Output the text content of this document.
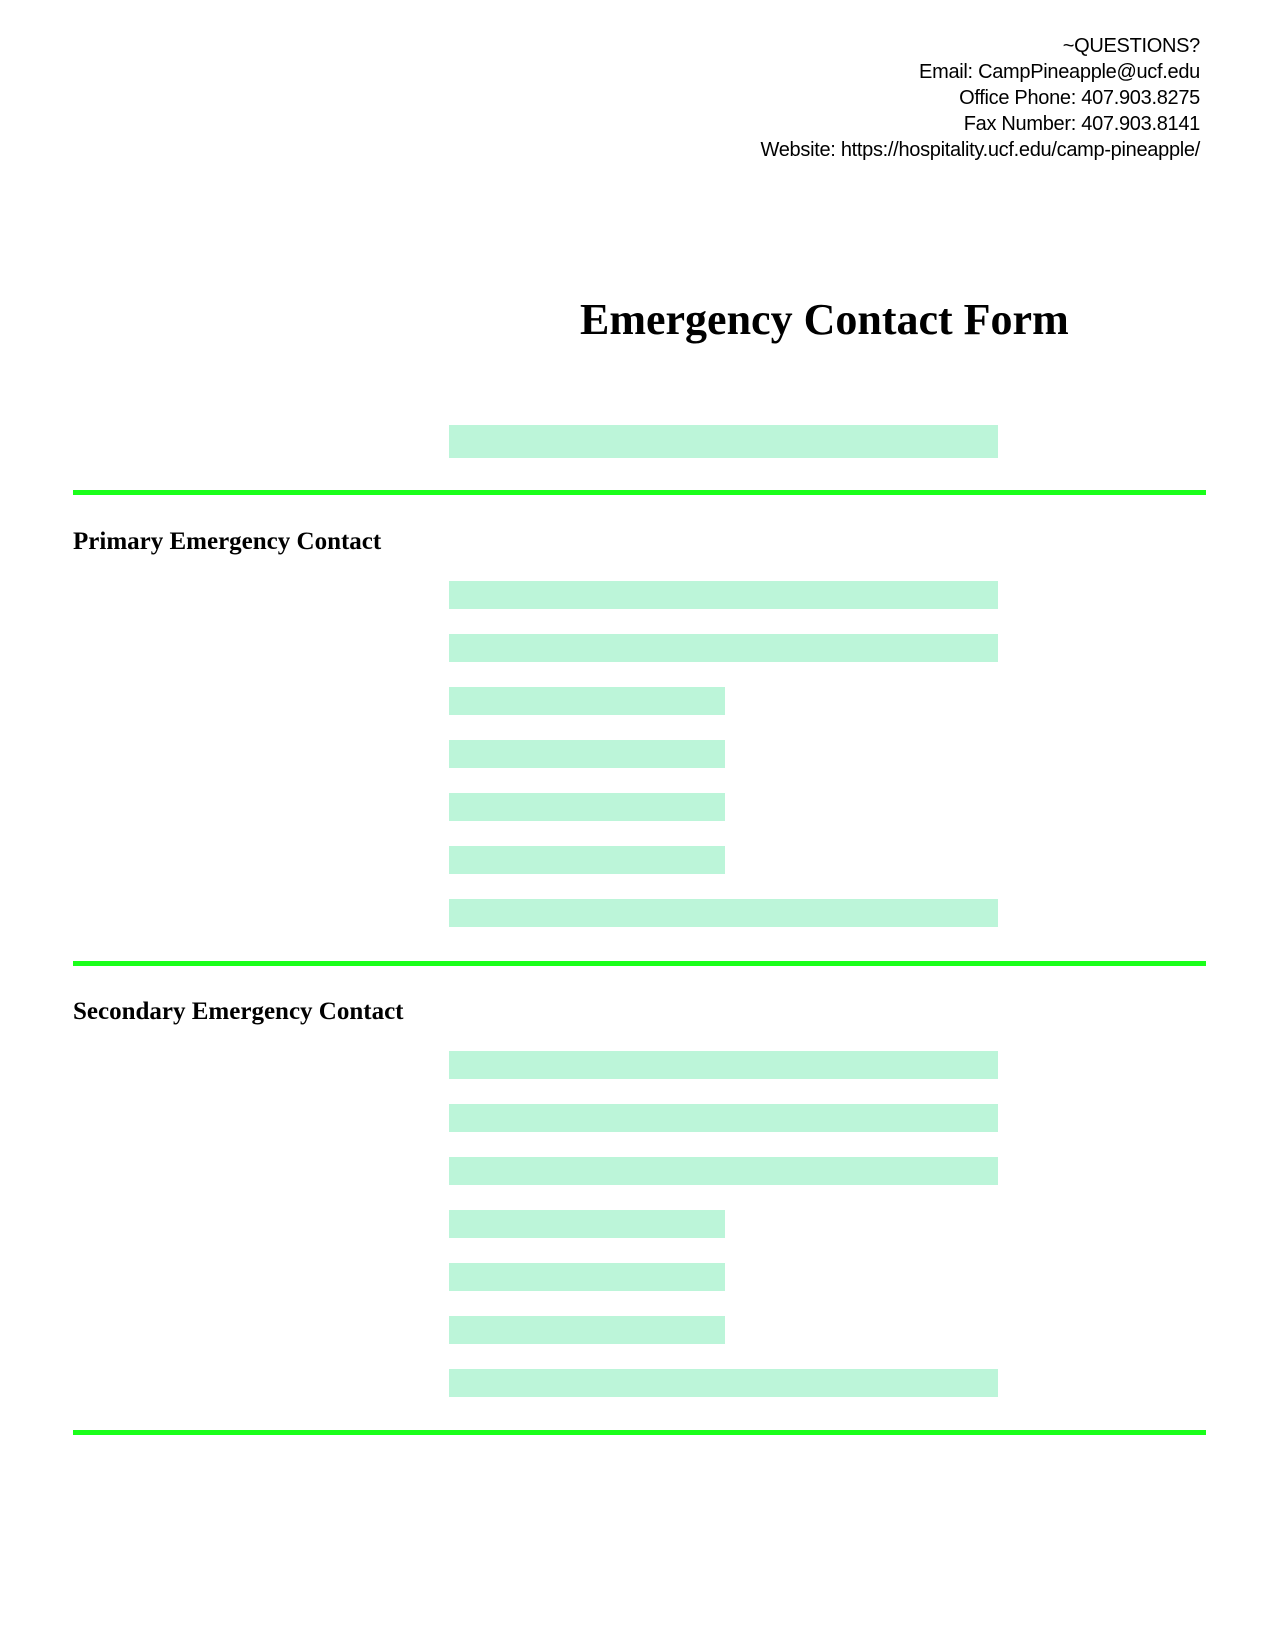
~QUESTIONS?
Email: CampPineapple@ucf.edu
Office Phone: 407.903.8275
Fax Number: 407.903.8141
Website: https://hospitality.ucf.edu/camp-pineapple/
Emergency Contact Form
Primary Emergency Contact
Secondary Emergency Contact
